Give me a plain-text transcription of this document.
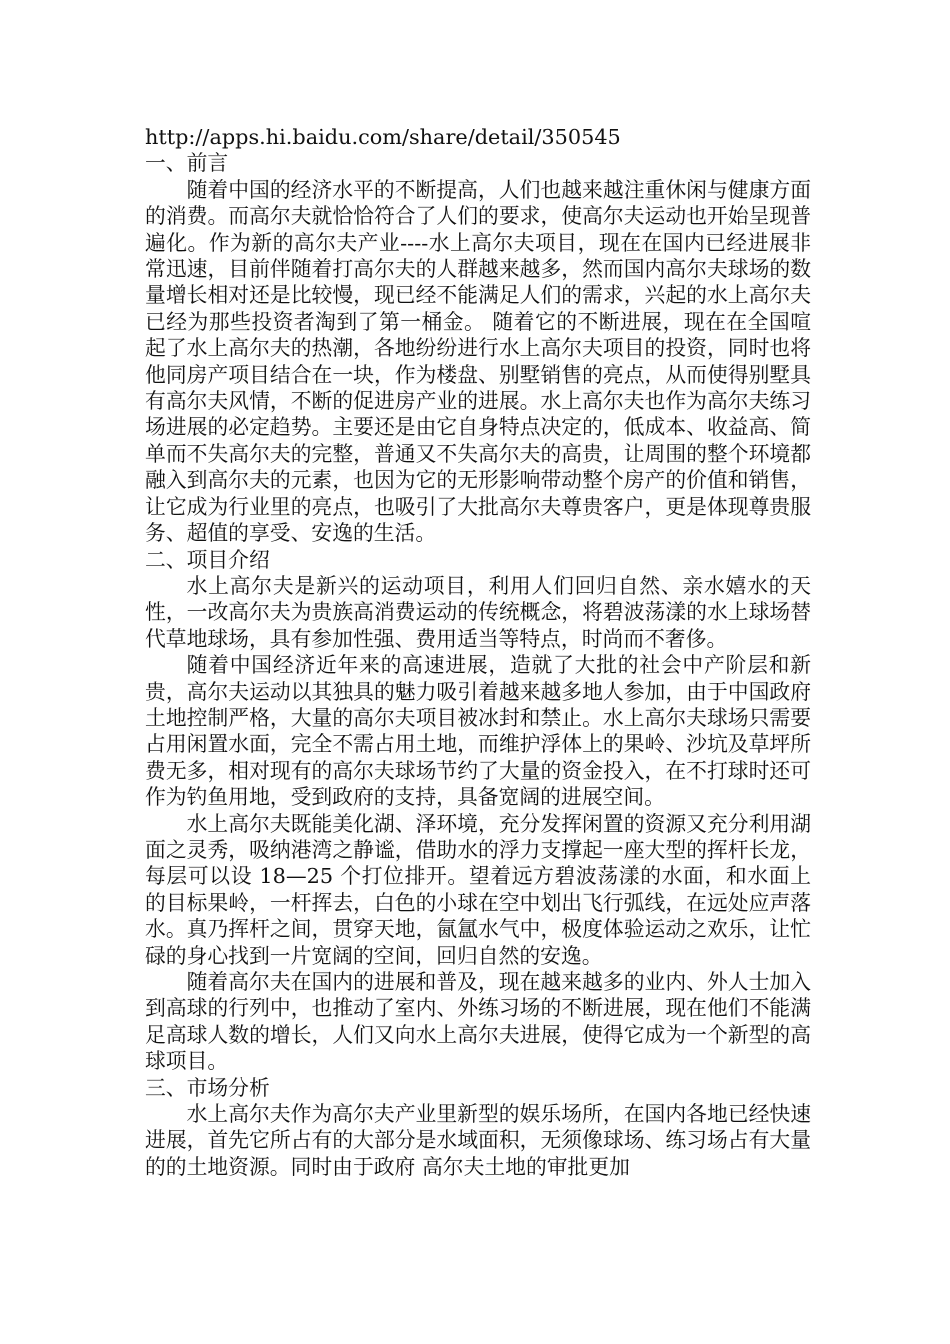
http://apps.hi.baidu.com/share/detail/350545

一、前言

随着中国的经济水平的不断提高，人们也越来越注重休闲与健康方面的消费。而高尔夫就恰恰符合了人们的要求，使高尔夫运动也开始呈现普遍化。作为新的高尔夫产业----水上高尔夫项目，现在在国内已经进展非常迅速，目前伴随着打高尔夫的人群越来越多，然而国内高尔夫球场的数量增长相对还是比较慢，现已经不能满足人们的需求，兴起的水上高尔夫已经为那些投资者淘到了第一桶金。 随着它的不断进展，现在在全国喧起了水上高尔夫的热潮，各地纷纷进行水上高尔夫项目的投资，同时也将他同房产项目结合在一块，作为楼盘、别墅销售的亮点，从而使得别墅具有高尔夫风情，不断的促进房产业的进展。水上高尔夫也作为高尔夫练习场进展的必定趋势。主要还是由它自身特点决定的，低成本、收益高、简单而不失高尔夫的完整，普通又不失高尔夫的高贵，让周围的整个环境都融入到高尔夫的元素，也因为它的无形影响带动整个房产的价值和销售，让它成为行业里的亮点，也吸引了大批高尔夫尊贵客户，更是体现尊贵服务、超值的享受、安逸的生活。

二、项目介绍

水上高尔夫是新兴的运动项目，利用人们回归自然、亲水嬉水的天性，一改高尔夫为贵族高消费运动的传统概念，将碧波荡漾的水上球场替代草地球场，具有参加性强、费用适当等特点，时尚而不奢侈。

随着中国经济近年来的高速进展，造就了大批的社会中产阶层和新贵，高尔夫运动以其独具的魅力吸引着越来越多地人参加，由于中国政府土地控制严格，大量的高尔夫项目被冰封和禁止。水上高尔夫球场只需要占用闲置水面，完全不需占用土地，而维护浮体上的果岭、沙坑及草坪所费无多，相对现有的高尔夫球场节约了大量的资金投入，在不打球时还可作为钓鱼用地，受到政府的支持，具备宽阔的进展空间。

水上高尔夫既能美化湖、泽环境，充分发挥闲置的资源又充分利用湖面之灵秀，吸纳港湾之静谧，借助水的浮力支撑起一座大型的挥杆长龙，每层可以设 18—25 个打位排开。望着远方碧波荡漾的水面，和水面上的目标果岭，一杆挥去，白色的小球在空中划出飞行弧线，在远处应声落水。真乃挥杆之间，贯穿天地，氤氲水气中，极度体验运动之欢乐，让忙碌的身心找到一片宽阔的空间，回归自然的安逸。

随着高尔夫在国内的进展和普及，现在越来越多的业内、外人士加入到高球的行列中，也推动了室内、外练习场的不断进展，现在他们不能满足高球人数的增长，人们又向水上高尔夫进展，使得它成为一个新型的高球项目。

三、市场分析

水上高尔夫作为高尔夫产业里新型的娱乐场所，在国内各地已经快速进展，首先它所占有的大部分是水域面积，无须像球场、练习场占有大量的的土地资源。同时由于政府 高尔夫土地的审批更加
